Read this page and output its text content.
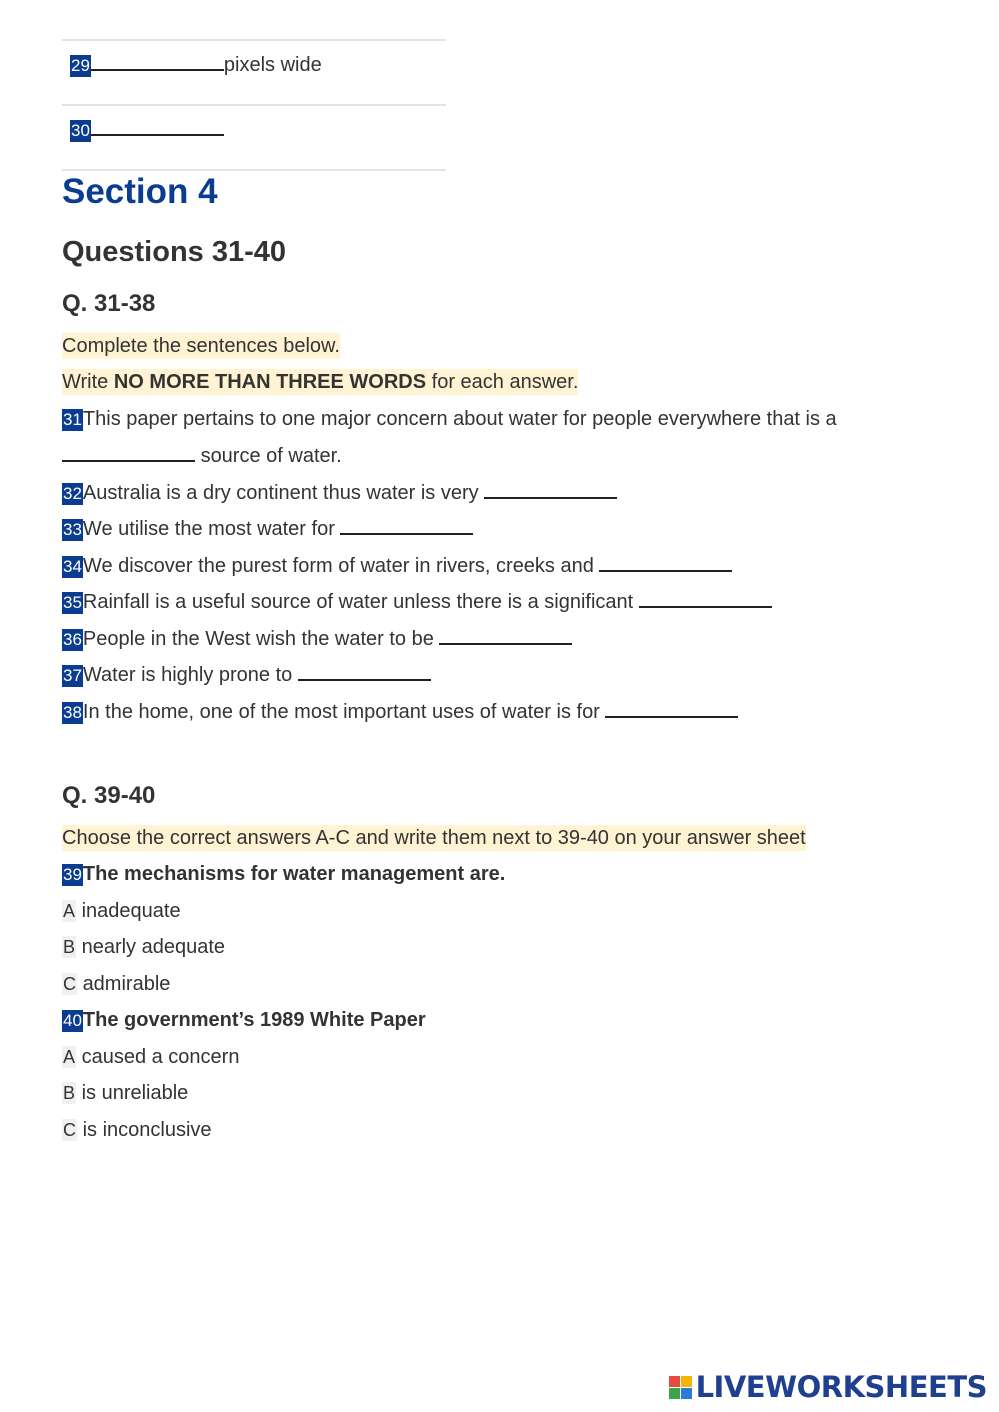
29	pixels wide
30
Section 4
Questions 31-40
Q. 31-38
Complete the sentences below.
Write NO MORE THAN THREE WORDS for each answer.
31This paper pertains to one major concern about water for people everywhere that is a
source of water.
32Australia is a dry continent thus water is very
33We utilise the most water for
34We discover the purest form of water in rivers, creeks and
35Rainfall is a useful source of water unless there is a significant
36People in the West wish the water to be
37Water is highly prone to
38In the home, one of the most important uses of water is for
Q. 39-40
Choose the correct answers A-C and write them next to 39-40 on your answer sheet
39The mechanisms for water management are.
A inadequate
B nearly adequate
C admirable
40The government’s 1989 White Paper
A caused a concern
B is unreliable
C is inconclusive
LIVEWORKSHEETS
